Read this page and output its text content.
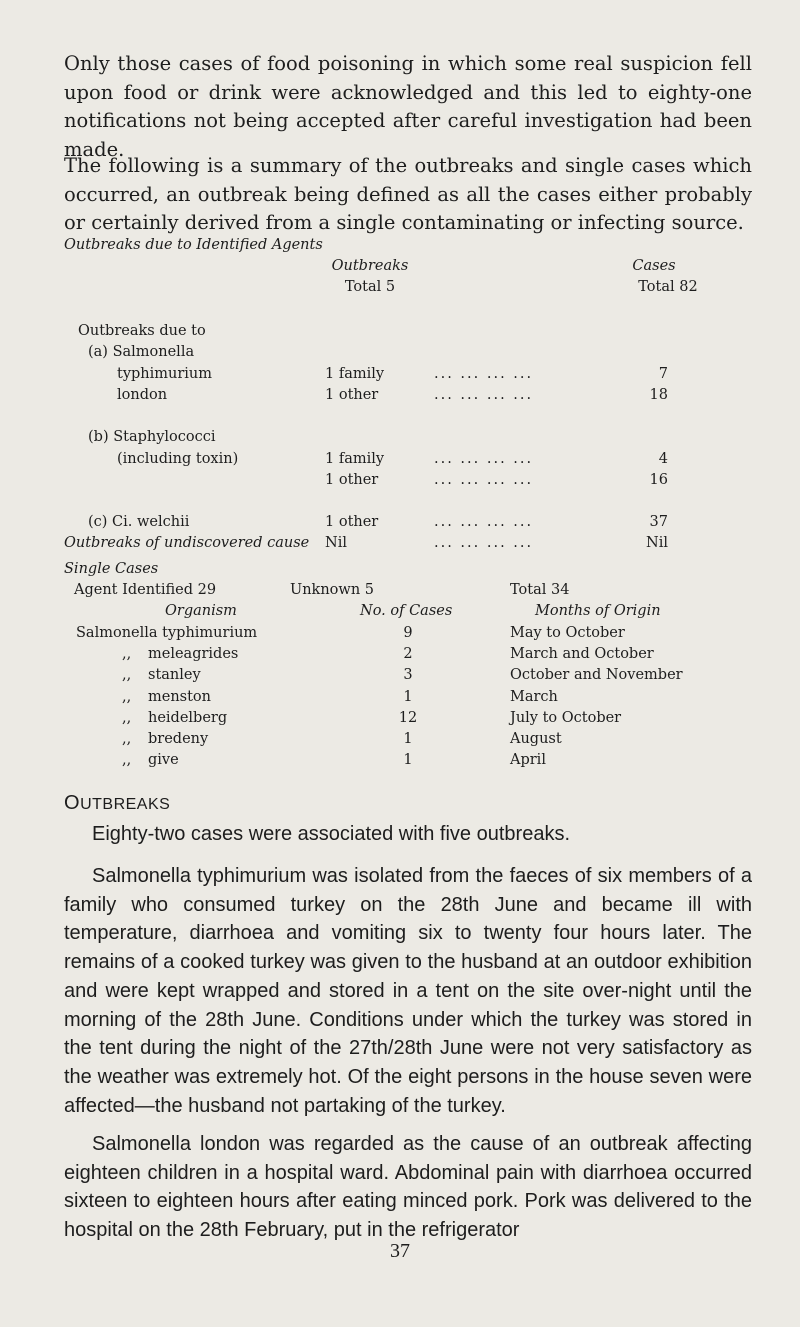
Only those cases of food poisoning in which some real suspicion fell upon food or drink were acknowledged and this led to eighty-one notifications not being accepted after careful investigation had been made.

The following is a summary of the outbreaks and single cases which occurred, an outbreak being defined as all the cases either probably or certainly derived from a single contaminating or infecting source.

Outbreaks due to Identified Agents
Outbreaks
Total 5
Cases
Total 82
Outbreaks due to
(a) Salmonella
typhimurium	1 family	... ... ... ...	7
london	1 other	... ... ... ...	18
(b) Staphylococci
(including toxin)	1 family	... ... ... ...	4
1 other	... ... ... ...	16
(c) Ci. welchii	1 other	... ... ... ...	37
Outbreaks of undiscovered cause Nil	... ... ... ...	Nil
Single Cases
Agent Identified 29	Unknown 5	Total 34
Organism	No. of Cases	Months of Origin
Salmonella typhimurium	9	May to October
,, meleagrides	2	March and October
,, stanley	3	October and November
,, menston	1	March
,, heidelberg	12	July to October
,, bredeny	1	August
,, give	1	April
OUTBREAKS

Eighty-two cases were associated with five outbreaks.

Salmonella typhimurium was isolated from the faeces of six members of a family who consumed turkey on the 28th June and became ill with temperature, diarrhoea and vomiting six to twenty four hours later. The remains of a cooked turkey was given to the husband at an outdoor exhibition and were kept wrapped and stored in a tent on the site over-night until the morning of the 28th June. Conditions under which the turkey was stored in the tent during the night of the 27th/28th June were not very satisfactory as the weather was extremely hot. Of the eight persons in the house seven were affected—the husband not partaking of the turkey.

Salmonella london was regarded as the cause of an outbreak affecting eighteen children in a hospital ward. Abdominal pain with diarrhoea occurred sixteen to eighteen hours after eating minced pork. Pork was delivered to the hospital on the 28th February, put in the refrigerator

37
